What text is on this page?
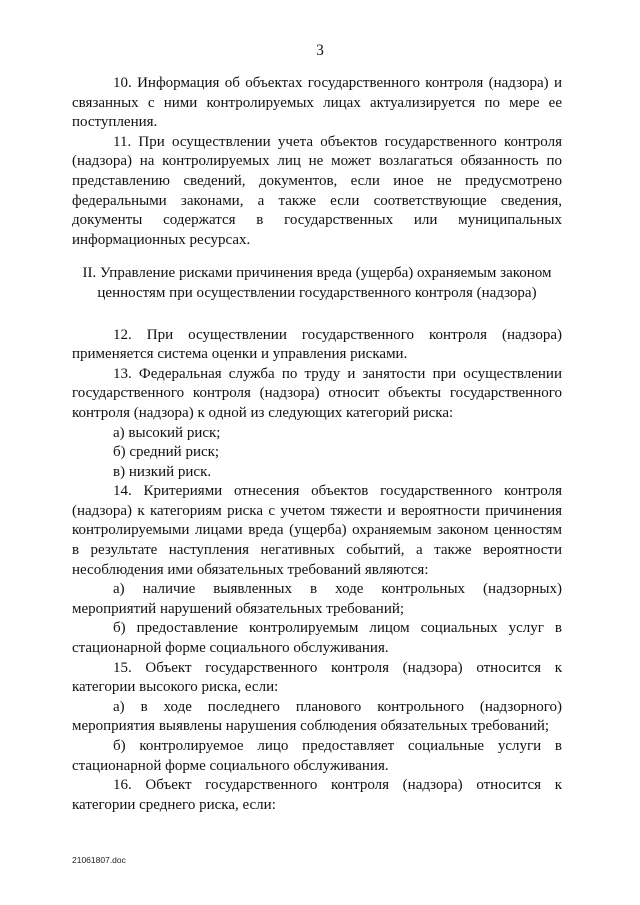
3

10. Информация об объектах государственного контроля (надзора) и связанных с ними контролируемых лицах актуализируется по мере ее поступления.

11. При осуществлении учета объектов государственного контроля (надзора) на контролируемых лиц не может возлагаться обязанность по представлению сведений, документов, если иное не предусмотрено федеральными законами, а также если соответствующие сведения, документы содержатся в государственных или муниципальных информационных ресурсах.

II. Управление рисками причинения вреда (ущерба) охраняемым законом

ценностям при осуществлении государственного контроля (надзора)

12. При осуществлении государственного контроля (надзора) применяется система оценки и управления рисками.

13. Федеральная служба по труду и занятости при осуществлении государственного контроля (надзора) относит объекты государственного контроля (надзора) к одной из следующих категорий риска:

а) высокий риск;

б) средний риск;

в) низкий риск.

14. Критериями отнесения объектов государственного контроля (надзора) к категориям риска с учетом тяжести и вероятности причинения контролируемыми лицами вреда (ущерба) охраняемым законом ценностям в результате наступления негативных событий, а также вероятности несоблюдения ими обязательных требований являются:

а) наличие выявленных в ходе контрольных (надзорных) мероприятий нарушений обязательных требований;

б) предоставление контролируемым лицом социальных услуг в стационарной форме социального обслуживания.

15. Объект государственного контроля (надзора) относится к категории высокого риска, если:

а) в ходе последнего планового контрольного (надзорного) мероприятия выявлены нарушения соблюдения обязательных требований;

б) контролируемое лицо предоставляет социальные услуги в стационарной форме социального обслуживания.

16. Объект государственного контроля (надзора) относится к категории среднего риска, если:

21061807.doc
